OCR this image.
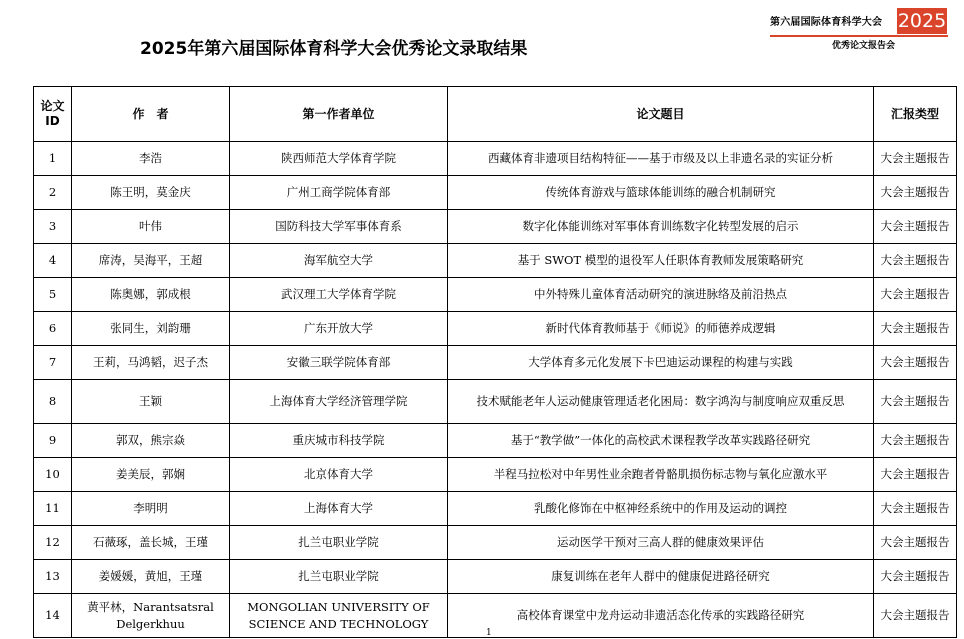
2025年第六届国际体育科学大会优秀论文录取结果
第六届国际体育科学大会 2025
优秀论文报告会
论文ID	作　者	第一作者单位	论文题目	汇报类型
1	李浩	陕西师范大学体育学院	西藏体育非遗项目结构特征——基于市级及以上非遗名录的实证分析	大会主题报告
2	陈王明，莫金庆	广州工商学院体育部	传统体育游戏与篮球体能训练的融合机制研究	大会主题报告
3	叶伟	国防科技大学军事体育系	数字化体能训练对军事体育训练数字化转型发展的启示	大会主题报告
4	席涛，吴海平，王超	海军航空大学	基于 SWOT 模型的退役军人任职体育教师发展策略研究	大会主题报告
5	陈奥娜，郭成根	武汉理工大学体育学院	中外特殊儿童体育活动研究的演进脉络及前沿热点	大会主题报告
6	张同生，刘韵珊	广东开放大学	新时代体育教师基于《师说》的师德养成逻辑	大会主题报告
7	王莉，马鸿韬，迟子杰	安徽三联学院体育部	大学体育多元化发展下卡巴迪运动课程的构建与实践	大会主题报告
8	王颖	上海体育大学经济管理学院	技术赋能老年人运动健康管理适老化困局：数字鸿沟与制度响应双重反思	大会主题报告
9	郭双，熊宗焱	重庆城市科技学院	基于“教学做”一体化的高校武术课程教学改革实践路径研究	大会主题报告
10	姜美辰，郭娴	北京体育大学	半程马拉松对中年男性业余跑者骨骼肌损伤标志物与氧化应激水平	大会主题报告
11	李明明	上海体育大学	乳酸化修饰在中枢神经系统中的作用及运动的调控	大会主题报告
12	石薇琢，盖长城，王瑾	扎兰屯职业学院	运动医学干预对三高人群的健康效果评估	大会主题报告
13	姜媛媛，黄旭，王瑾	扎兰屯职业学院	康复训练在老年人群中的健康促进路径研究	大会主题报告
14	黄平林，Narantsatsral Delgerkhuu	MONGOLIAN UNIVERSITY OF SCIENCE AND TECHNOLOGY	高校体育课堂中龙舟运动非遗活态化传承的实践路径研究	大会主题报告
1
